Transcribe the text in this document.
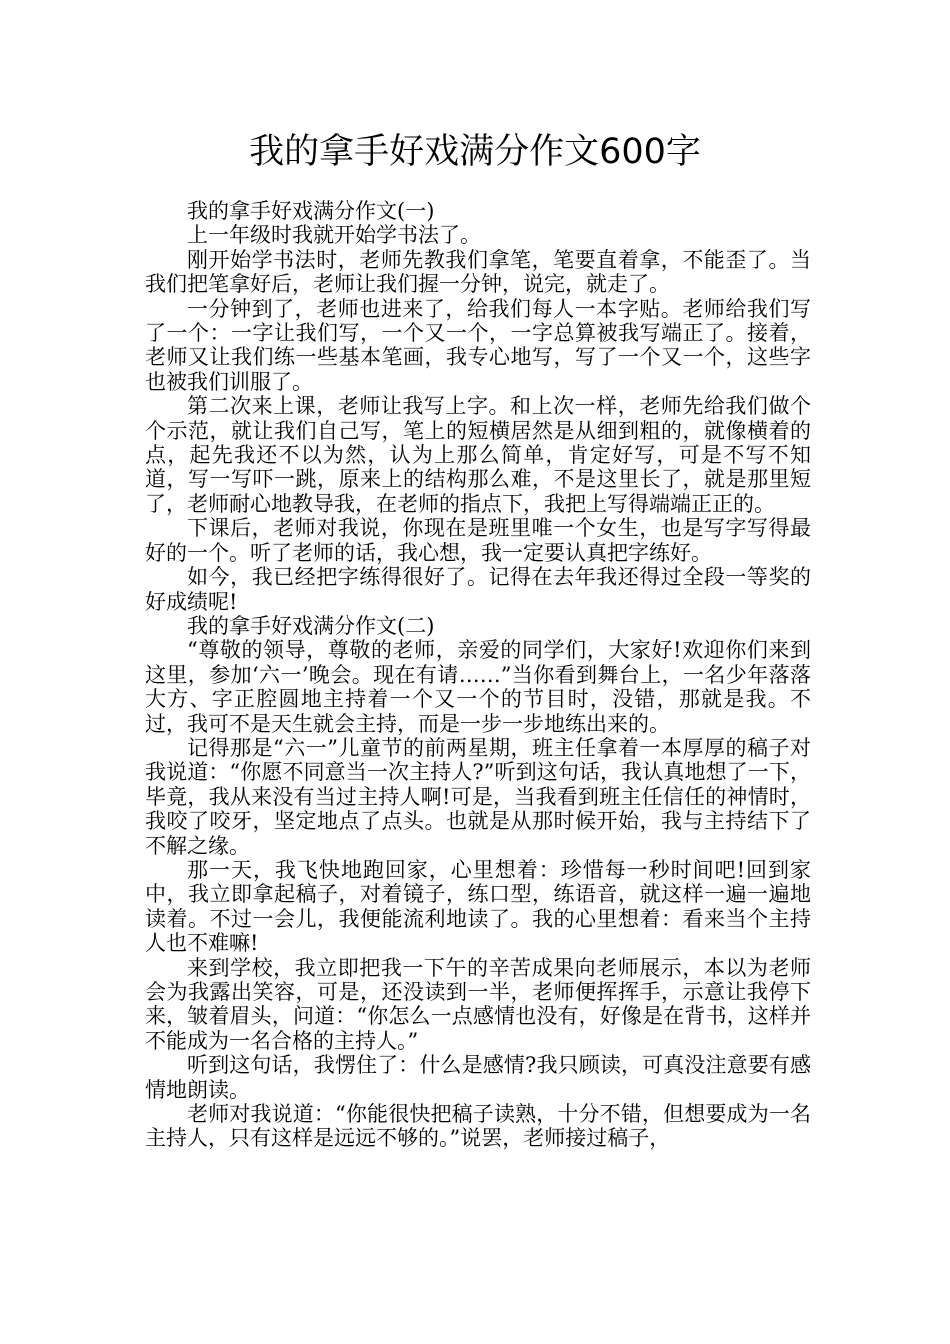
我的拿手好戏满分作文600字

我的拿手好戏满分作文(一)

上一年级时我就开始学书法了。

刚开始学书法时，老师先教我们拿笔，笔要直着拿，不能歪了。当我们把笔拿好后，老师让我们握一分钟，说完，就走了。

一分钟到了，老师也进来了，给我们每人一本字贴。老师给我们写了一个：一字让我们写，一个又一个，一字总算被我写端正了。接着，老师又让我们练一些基本笔画，我专心地写，写了一个又一个，这些字也被我们训服了。

第二次来上课，老师让我写上字。和上次一样，老师先给我们做个个示范，就让我们自己写，笔上的短横居然是从细到粗的，就像横着的点，起先我还不以为然，认为上那么简单，肯定好写，可是不写不知道，写一写吓一跳，原来上的结构那么难，不是这里长了，就是那里短了，老师耐心地教导我，在老师的指点下，我把上写得端端正正的。

下课后，老师对我说，你现在是班里唯一个女生，也是写字写得最好的一个。听了老师的话，我心想，我一定要认真把字练好。

如今，我已经把字练得很好了。记得在去年我还得过全段一等奖的好成绩呢!

我的拿手好戏满分作文(二)

“尊敬的领导，尊敬的老师，亲爱的同学们，大家好!欢迎你们来到这里，参加‘六一’晚会。现在有请……”当你看到舞台上，一名少年落落大方、字正腔圆地主持着一个又一个的节目时，没错，那就是我。不过，我可不是天生就会主持，而是一步一步地练出来的。

记得那是“六一”儿童节的前两星期，班主任拿着一本厚厚的稿子对我说道：“你愿不同意当一次主持人?”听到这句话，我认真地想了一下，毕竟，我从来没有当过主持人啊!可是，当我看到班主任信任的神情时，我咬了咬牙，坚定地点了点头。也就是从那时候开始，我与主持结下了不解之缘。

那一天，我飞快地跑回家，心里想着：珍惜每一秒时间吧!回到家中，我立即拿起稿子，对着镜子，练口型，练语音，就这样一遍一遍地读着。不过一会儿，我便能流利地读了。我的心里想着：看来当个主持人也不难嘛!

来到学校，我立即把我一下午的辛苦成果向老师展示，本以为老师会为我露出笑容，可是，还没读到一半，老师便挥挥手，示意让我停下来，皱着眉头，问道：“你怎么一点感情也没有，好像是在背书，这样并不能成为一名合格的主持人。”

听到这句话，我愣住了：什么是感情?我只顾读，可真没注意要有感情地朗读。

老师对我说道：“你能很快把稿子读熟，十分不错，但想要成为一名主持人，只有这样是远远不够的。”说罢，老师接过稿子，
